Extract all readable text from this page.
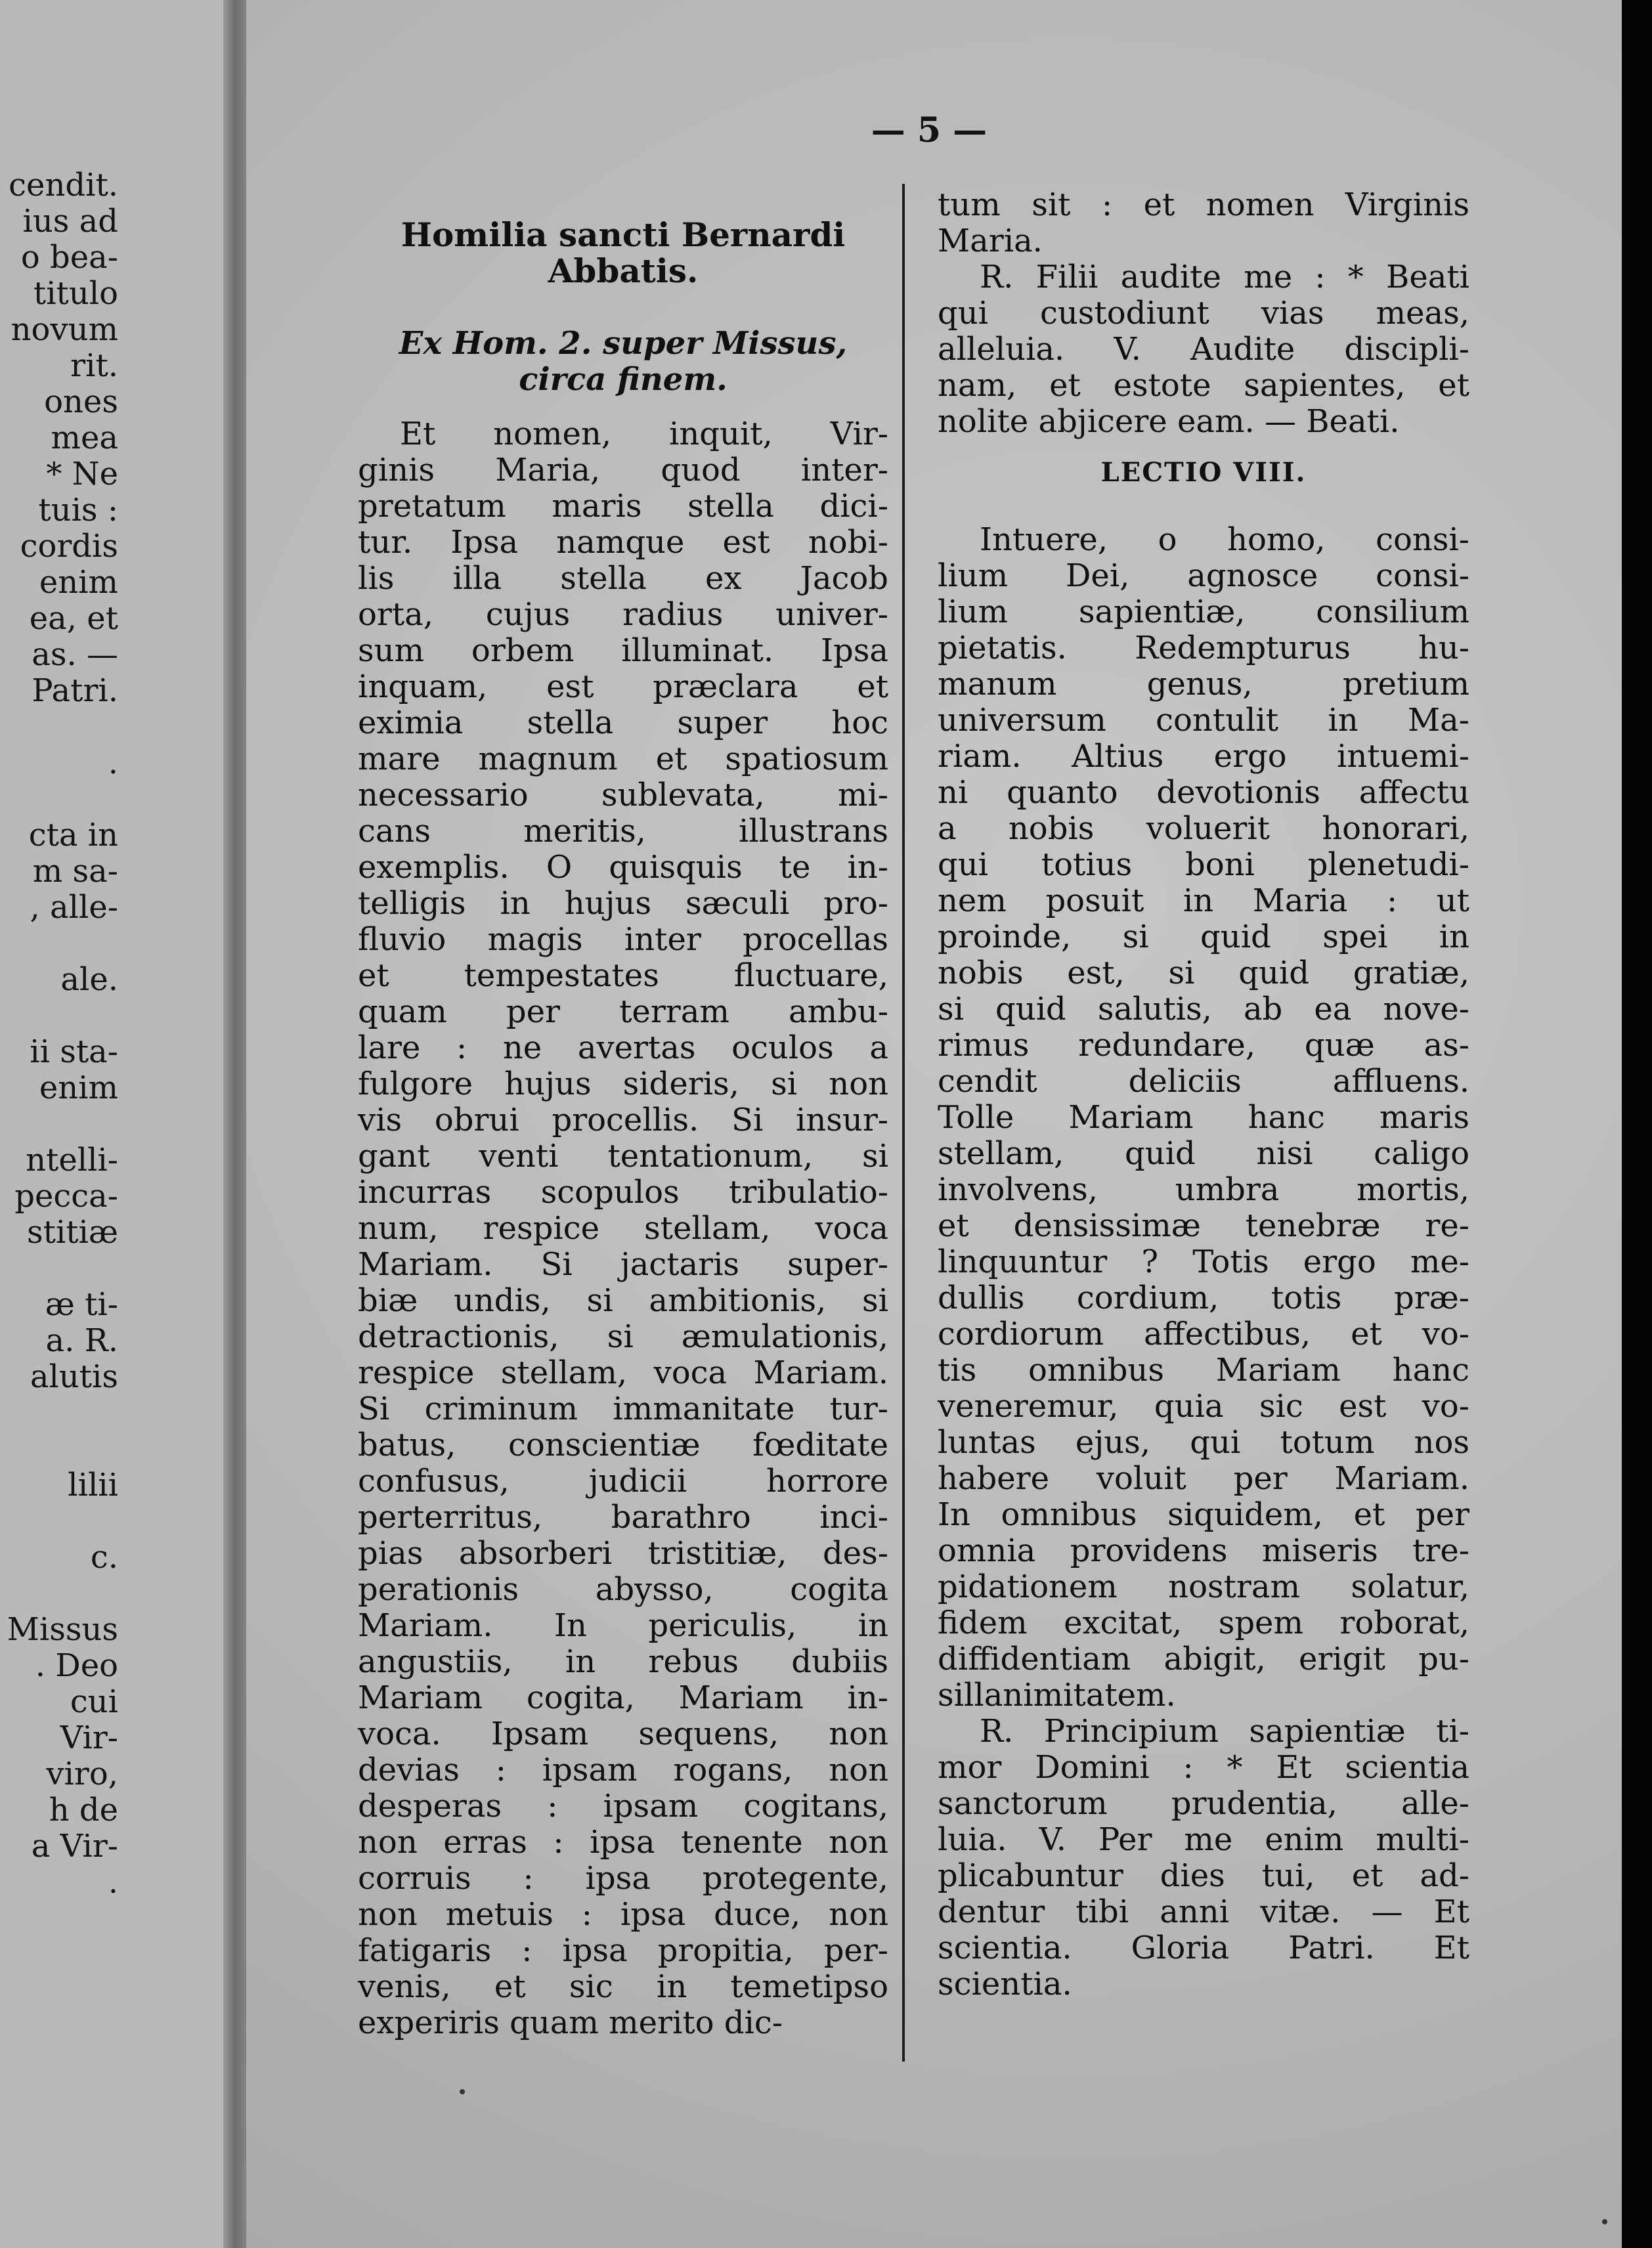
cendit.
ius ad
o bea-
titulo
novum
rit.
ones
mea
* Ne
tuis :
cordis
enim
ea, et
as. —
Patri.

.

cta in
m sa-
, alle-

ale.

ii sta-
enim

ntelli-
pecca-
stitiæ

æ ti-
a. R.
alutis

lilii

c.

Missus
. Deo
cui
Vir-
viro,
h de
a Vir-
.
— 5 —
Homilia sancti Bernardi
Abbatis.
Ex Hom. 2. super Missus,
circa finem.
Et nomen, inquit, Vir-
ginis Maria, quod inter-
pretatum maris stella dici-
tur. Ipsa namque est nobi-
lis illa stella ex Jacob
orta, cujus radius univer-
sum orbem illuminat. Ipsa
inquam, est præclara et
eximia stella super hoc
mare magnum et spatiosum
necessario sublevata, mi-
cans meritis, illustrans
exemplis. O quisquis te in-
telligis in hujus sæculi pro-
fluvio magis inter procellas
et tempestates fluctuare,
quam per terram ambu-
lare : ne avertas oculos a
fulgore hujus sideris, si non
vis obrui procellis. Si insur-
gant venti tentationum, si
incurras scopulos tribulatio-
num, respice stellam, voca
Mariam. Si jactaris super-
biæ undis, si ambitionis, si
detractionis, si æmulationis,
respice stellam, voca Mariam.
Si criminum immanitate tur-
batus, conscientiæ fœditate
confusus, judicii horrore
perterritus, barathro inci-
pias absorberi tristitiæ, des-
perationis abysso, cogita
Mariam. In periculis, in
angustiis, in rebus dubiis
Mariam cogita, Mariam in-
voca. Ipsam sequens, non
devias : ipsam rogans, non
desperas : ipsam cogitans,
non erras : ipsa tenente non
corruis : ipsa protegente,
non metuis : ipsa duce, non
fatigaris : ipsa propitia, per-
venis, et sic in temetipso
experiris quam merito dic-
tum sit : et nomen Virginis
Maria.
R. Filii audite me : * Beati
qui custodiunt vias meas,
alleluia. V. Audite discipli-
nam, et estote sapientes, et
nolite abjicere eam. — Beati.
LECTIO VIII.
Intuere, o homo, consi-
lium Dei, agnosce consi-
lium sapientiæ, consilium
pietatis. Redempturus hu-
manum genus, pretium
universum contulit in Ma-
riam. Altius ergo intuemi-
ni quanto devotionis affectu
a nobis voluerit honorari,
qui totius boni plenetudi-
nem posuit in Maria : ut
proinde, si quid spei in
nobis est, si quid gratiæ,
si quid salutis, ab ea nove-
rimus redundare, quæ as-
cendit deliciis affluens.
Tolle Mariam hanc maris
stellam, quid nisi caligo
involvens, umbra mortis,
et densissimæ tenebræ re-
linquuntur ? Totis ergo me-
dullis cordium, totis præ-
cordiorum affectibus, et vo-
tis omnibus Mariam hanc
veneremur, quia sic est vo-
luntas ejus, qui totum nos
habere voluit per Mariam.
In omnibus siquidem, et per
omnia providens miseris tre-
pidationem nostram solatur,
fidem excitat, spem roborat,
diffidentiam abigit, erigit pu-
sillanimitatem.
R. Principium sapientiæ ti-
mor Domini : * Et scientia
sanctorum prudentia, alle-
luia. V. Per me enim multi-
plicabuntur dies tui, et ad-
dentur tibi anni vitæ. — Et
scientia. Gloria Patri. Et
scientia.
